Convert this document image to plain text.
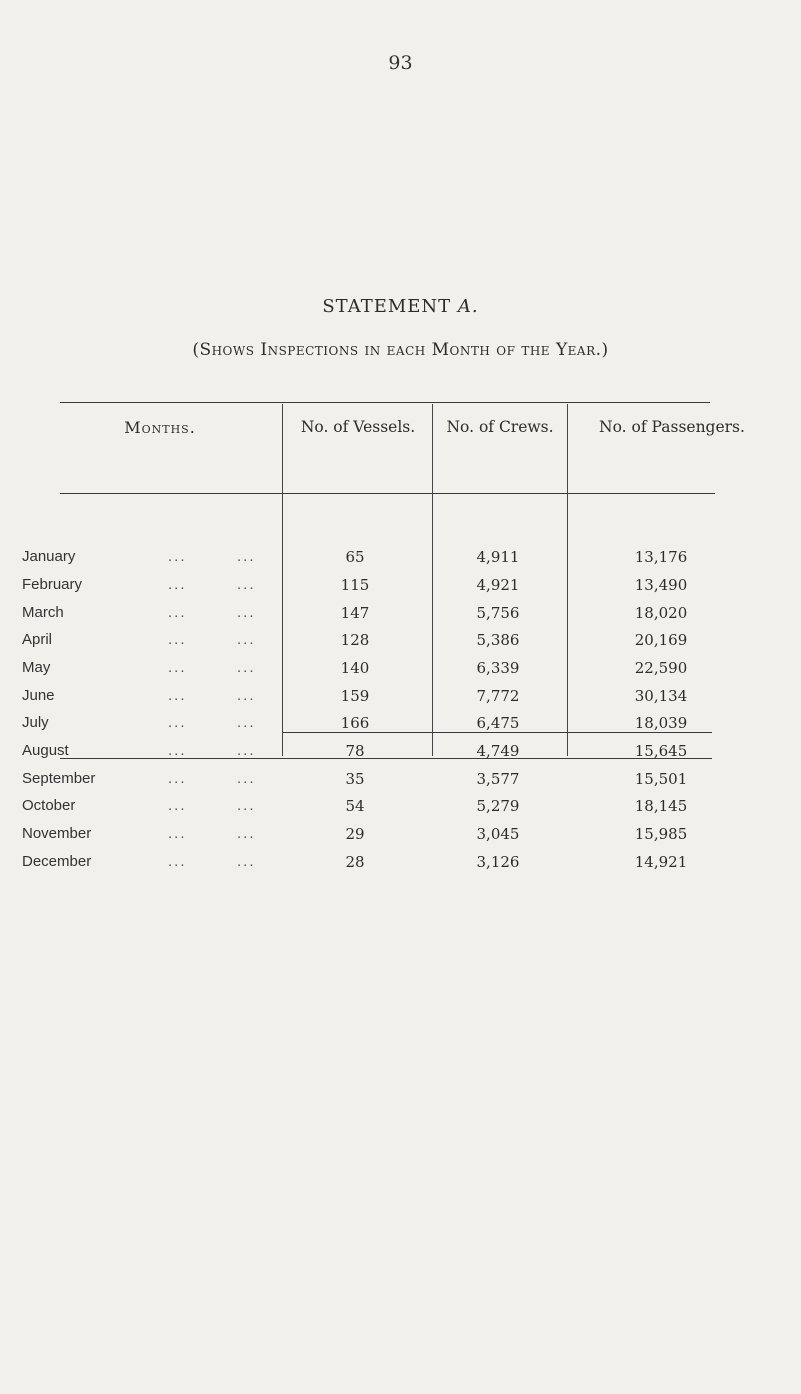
93
STATEMENT A.
(Shows Inspections in each Month of the Year.)
Months.	No. of Vessels.	No. of Crews.	No. of Passengers.
January	...	...	65	4,911	13,176
February	...	...	115	4,921	13,490
March	...	...	147	5,756	18,020
April	...	...	128	5,386	20,169
May	...	...	140	6,339	22,590
June	...	...	159	7,772	30,134
July	...	...	166	6,475	18,039
August	...	...	78	4,749	15,645
September	...	...	35	3,577	15,501
October	...	...	54	5,279	18,145
November	...	...	29	3,045	15,985
December	...	...	28	3,126	14,921
